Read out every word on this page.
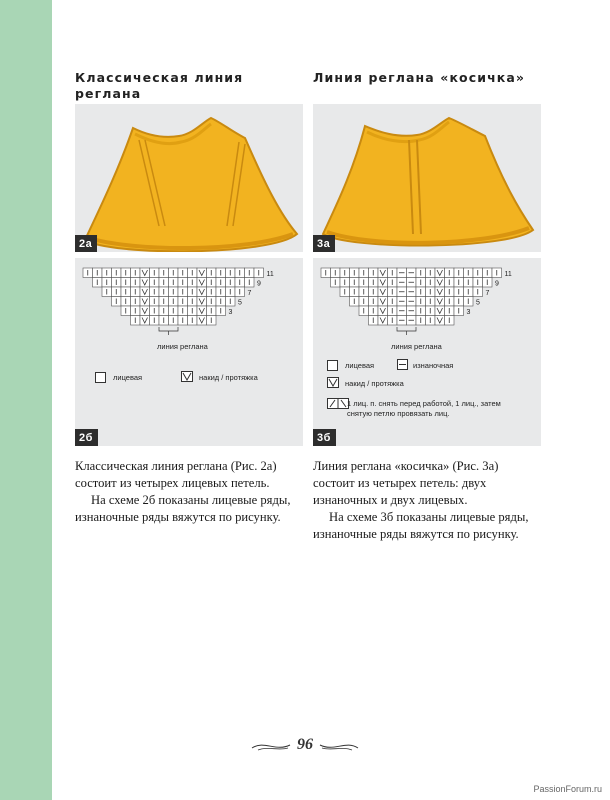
Классическая линия реглана
2а
11
9
7
5
3
линия реглана
лицевая	накид / протяжка
2б

Классическая линия реглана (Рис. 2а) состоит из четырех лицевых петель.

На схеме 2б показаны лицевые ряды, изнаночные ряды вяжутся по рисунку.

Линия реглана «косичка»
3а
11
9
7
5
3
линия реглана
лицевая	изнаночная
накид / протяжка
1 лиц. п. снять перед работой, 1 лиц., затем снятую петлю провязать лиц.
3б

Линия реглана «косичка» (Рис. 3а) состоит из четырех петель: двух изнаночных и двух лицевых.

На схеме 3б показаны лицевые ряды, изнаночные ряды вяжутся по рисунку.

96
PassionForum.ru
